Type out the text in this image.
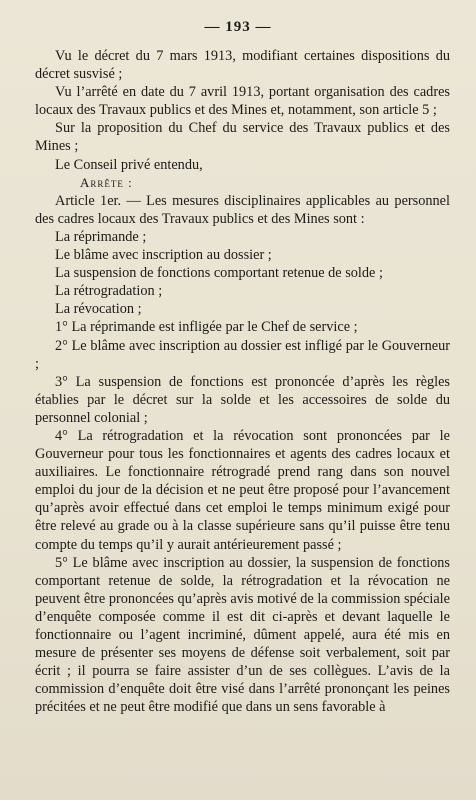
— 193 —

Vu le décret du 7 mars 1913, modifiant certaines dispositions du décret susvisé ;

Vu l’arrêté en date du 7 avril 1913, portant organisation des cadres locaux des Travaux publics et des Mines et, notamment, son article 5 ;

Sur la proposition du Chef du service des Travaux publics et des Mines ;

Le Conseil privé entendu,

Arrête :

Article 1er. — Les mesures disciplinaires applicables au personnel des cadres locaux des Travaux publics et des Mines sont :

La réprimande ;

Le blâme avec inscription au dossier ;

La suspension de fonctions comportant retenue de solde ;

La rétrogradation ;

La révocation ;

1° La réprimande est infligée par le Chef de service ;

2° Le blâme avec inscription au dossier est infligé par le Gouverneur ;

3° La suspension de fonctions est prononcée d’après les règles établies par le décret sur la solde et les accessoires de solde du personnel colonial ;

4° La rétrogradation et la révocation sont prononcées par le Gouverneur pour tous les fonctionnaires et agents des cadres locaux et auxiliaires. Le fonctionnaire rétrogradé prend rang dans son nouvel emploi du jour de la décision et ne peut être proposé pour l’avancement qu’après avoir effectué dans cet emploi le temps minimum exigé pour être relevé au grade ou à la classe supérieure sans qu’il puisse être tenu compte du temps qu’il y aurait antérieurement passé ;

5° Le blâme avec inscription au dossier, la suspension de fonctions comportant retenue de solde, la rétrogradation et la révocation ne peuvent être prononcées qu’après avis motivé de la commission spéciale d’enquête composée comme il est dit ci-après et devant laquelle le fonctionnaire ou l’agent incriminé, dûment appelé, aura été mis en mesure de présenter ses moyens de défense soit verbalement, soit par écrit ; il pourra se faire assister d’un de ses collègues. L’avis de la commission d’enquête doit être visé dans l’arrêté prononçant les peines précitées et ne peut être modifié que dans un sens favorable à
